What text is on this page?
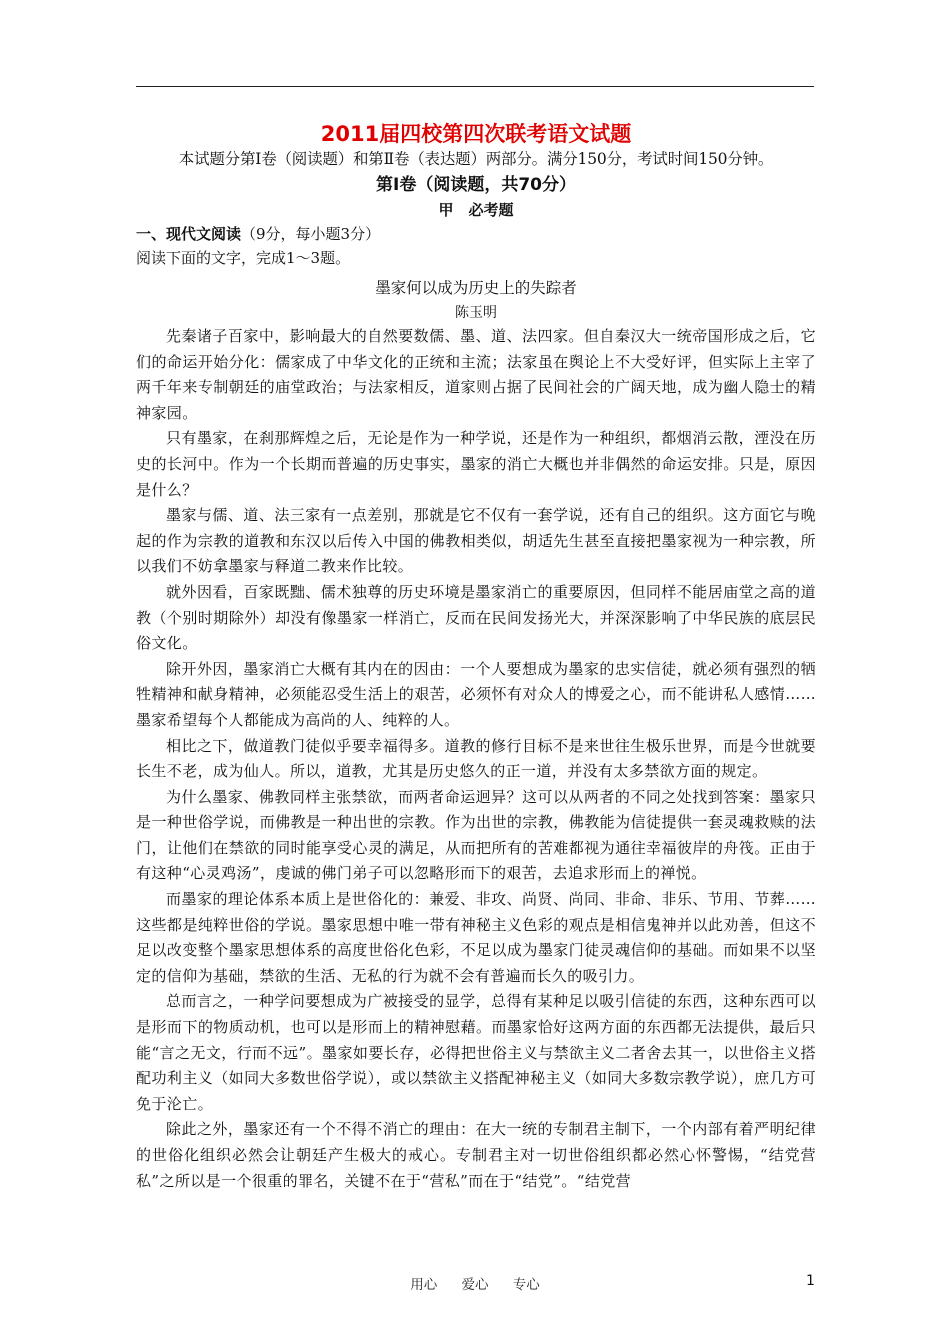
2011届四校第四次联考语文试题

本试题分第Ⅰ卷（阅读题）和第Ⅱ卷（表达题）两部分。满分150分，考试时间150分钟。

第Ⅰ卷（阅读题，共70分）

甲　必考题

一、现代文阅读（9分，每小题3分）

阅读下面的文字，完成1～3题。

墨家何以成为历史上的失踪者

陈玉明

先秦诸子百家中，影响最大的自然要数儒、墨、道、法四家。但自秦汉大一统帝国形成之后，它们的命运开始分化：儒家成了中华文化的正统和主流；法家虽在舆论上不大受好评，但实际上主宰了两千年来专制朝廷的庙堂政治；与法家相反，道家则占据了民间社会的广阔天地，成为幽人隐士的精神家园。

只有墨家，在刹那辉煌之后，无论是作为一种学说，还是作为一种组织，都烟消云散，湮没在历史的长河中。作为一个长期而普遍的历史事实，墨家的消亡大概也并非偶然的命运安排。只是，原因是什么？

墨家与儒、道、法三家有一点差别，那就是它不仅有一套学说，还有自己的组织。这方面它与晚起的作为宗教的道教和东汉以后传入中国的佛教相类似，胡适先生甚至直接把墨家视为一种宗教，所以我们不妨拿墨家与释道二教来作比较。

就外因看，百家既黜、儒术独尊的历史环境是墨家消亡的重要原因，但同样不能居庙堂之高的道教（个别时期除外）却没有像墨家一样消亡，反而在民间发扬光大，并深深影响了中华民族的底层民俗文化。

除开外因，墨家消亡大概有其内在的因由：一个人要想成为墨家的忠实信徒，就必须有强烈的牺牲精神和献身精神，必须能忍受生活上的艰苦，必须怀有对众人的博爱之心，而不能讲私人感情……墨家希望每个人都能成为高尚的人、纯粹的人。

相比之下，做道教门徒似乎要幸福得多。道教的修行目标不是来世往生极乐世界，而是今世就要长生不老，成为仙人。所以，道教，尤其是历史悠久的正一道，并没有太多禁欲方面的规定。

为什么墨家、佛教同样主张禁欲，而两者命运迥异？这可以从两者的不同之处找到答案：墨家只是一种世俗学说，而佛教是一种出世的宗教。作为出世的宗教，佛教能为信徒提供一套灵魂救赎的法门，让他们在禁欲的同时能享受心灵的满足，从而把所有的苦难都视为通往幸福彼岸的舟筏。正由于有这种“心灵鸡汤”，虔诚的佛门弟子可以忽略形而下的艰苦，去追求形而上的禅悦。

而墨家的理论体系本质上是世俗化的：兼爱、非攻、尚贤、尚同、非命、非乐、节用、节葬……这些都是纯粹世俗的学说。墨家思想中唯一带有神秘主义色彩的观点是相信鬼神并以此劝善，但这不足以改变整个墨家思想体系的高度世俗化色彩，不足以成为墨家门徒灵魂信仰的基础。而如果不以坚定的信仰为基础，禁欲的生活、无私的行为就不会有普遍而长久的吸引力。

总而言之，一种学问要想成为广被接受的显学，总得有某种足以吸引信徒的东西，这种东西可以是形而下的物质动机，也可以是形而上的精神慰藉。而墨家恰好这两方面的东西都无法提供，最后只能“言之无文，行而不远”。墨家如要长存，必得把世俗主义与禁欲主义二者舍去其一，以世俗主义搭配功利主义（如同大多数世俗学说），或以禁欲主义搭配神秘主义（如同大多数宗教学说），庶几方可免于沦亡。

除此之外，墨家还有一个不得不消亡的理由：在大一统的专制君主制下，一个内部有着严明纪律的世俗化组织必然会让朝廷产生极大的戒心。专制君主对一切世俗组织都必然心怀警惕，“结党营私”之所以是一个很重的罪名，关键不在于“营私”而在于“结党”。“结党营

用心 爱心 专心	1
